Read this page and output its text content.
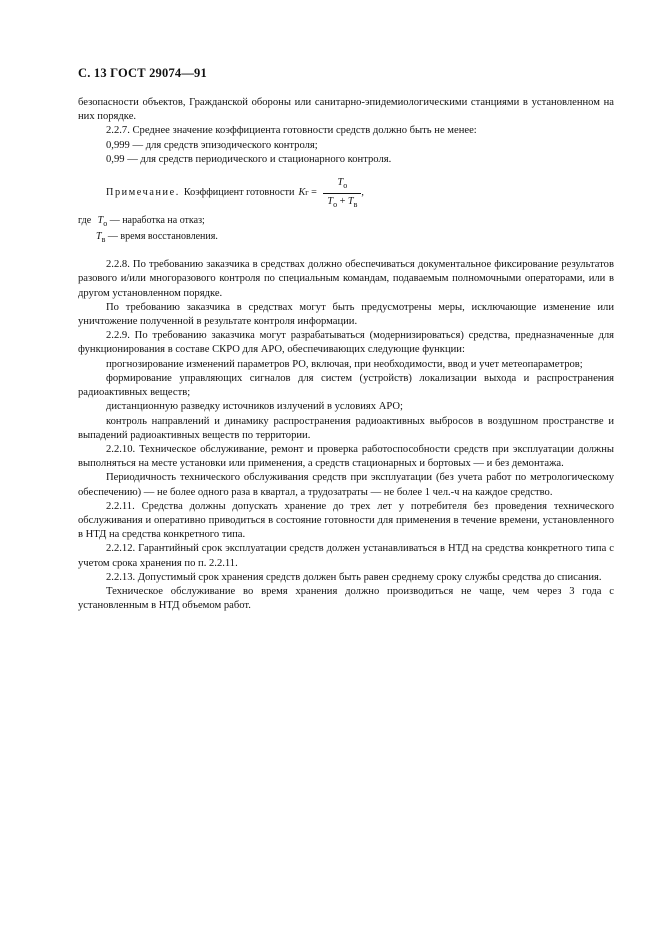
С. 13 ГОСТ 29074—91

безопасности объектов, Гражданской обороны или санитарно-эпидемиологическими станциями в установленном на них порядке.

2.2.7. Среднее значение коэффициента готовности средств должно быть не менее:

0,999 — для средств эпизодического контроля;

0,99 — для средств периодического и стационарного контроля.

Примечание. Коэффициент готовности K $г = \frac{T_о}{T_о + T_в}$ ,
где $T_о$ — наработка на отказ;
$T_в$ — время восстановления.

2.2.8. По требованию заказчика в средствах должно обеспечиваться документальное фиксирование результатов разового и/или многоразового контроля по специальным командам, подаваемым полномочными операторами, или в другом установленном порядке.

По требованию заказчика в средствах могут быть предусмотрены меры, исключающие изменение или уничтожение полученной в результате контроля информации.

2.2.9. По требованию заказчика могут разрабатываться (модернизироваться) средства, предназначенные для функционирования в составе СКРО для АРО, обеспечивающих следующие функции:

прогнозирование изменений параметров РО, включая, при необходимости, ввод и учет метеопараметров;

формирование управляющих сигналов для систем (устройств) локализации выхода и распространения радиоактивных веществ;

дистанционную разведку источников излучений в условиях АРО;

контроль направлений и динамику распространения радиоактивных выбросов в воздушном пространстве и выпадений радиоактивных веществ по территории.

2.2.10. Техническое обслуживание, ремонт и проверка работоспособности средств при эксплуатации должны выполняться на месте установки или применения, а средств стационарных и бортовых — и без демонтажа.

Периодичность технического обслуживания средств при эксплуатации (без учета работ по метрологическому обеспечению) — не более одного раза в квартал, а трудозатраты — не более 1 чел.-ч на каждое средство.

2.2.11. Средства должны допускать хранение до трех лет у потребителя без проведения технического обслуживания и оперативно приводиться в состояние готовности для применения в течение времени, установленного в НТД на средства конкретного типа.

2.2.12. Гарантийный срок эксплуатации средств должен устанавливаться в НТД на средства конкретного типа с учетом срока хранения по п. 2.2.11.

2.2.13. Допустимый срок хранения средств должен быть равен среднему сроку службы средства до списания.

Техническое обслуживание во время хранения должно производиться не чаще, чем через 3 года с установленным в НТД объемом работ.
